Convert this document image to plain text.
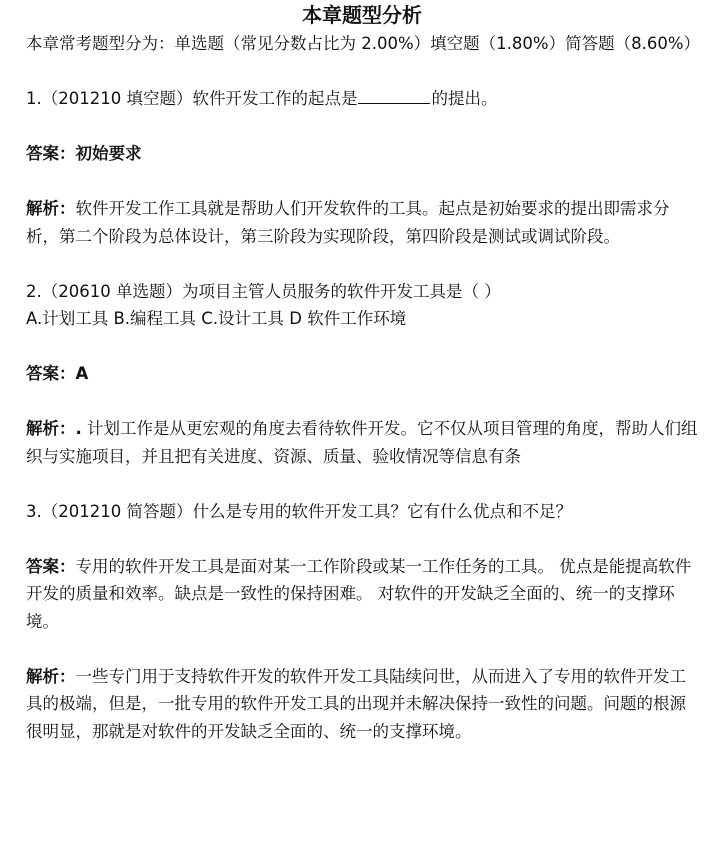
本章题型分析

本章常考题型分为：单选题（常见分数占比为 2.00%）填空题（1.80%）简答题（8.60%）

1.（201210 填空题）软件开发工作的起点是	的提出。

答案：初始要求

解析：软件开发工作工具就是帮助人们开发软件的工具。起点是初始要求的提出即需求分析，第二个阶段为总体设计，第三阶段为实现阶段，第四阶段是测试或调试阶段。

2.（20610 单选题）为项目主管人员服务的软件开发工具是（ ）

A.计划工具 B.编程工具 C.设计工具 D 软件工作环境

答案：A

解析：. 计划工作是从更宏观的角度去看待软件开发。它不仅从项目管理的角度，帮助人们组织与实施项目，并且把有关进度、资源、质量、验收情况等信息有条

3.（201210 简答题）什么是专用的软件开发工具？它有什么优点和不足？

答案：专用的软件开发工具是面对某一工作阶段或某一工作任务的工具。 优点是能提高软件开发的质量和效率。缺点是一致性的保持困难。 对软件的开发缺乏全面的、统一的支撑环境。

解析：一些专门用于支持软件开发的软件开发工具陆续问世，从而进入了专用的软件开发工具的极端，但是，一批专用的软件开发工具的出现并未解决保持一致性的问题。问题的根源很明显，那就是对软件的开发缺乏全面的、统一的支撑环境。
